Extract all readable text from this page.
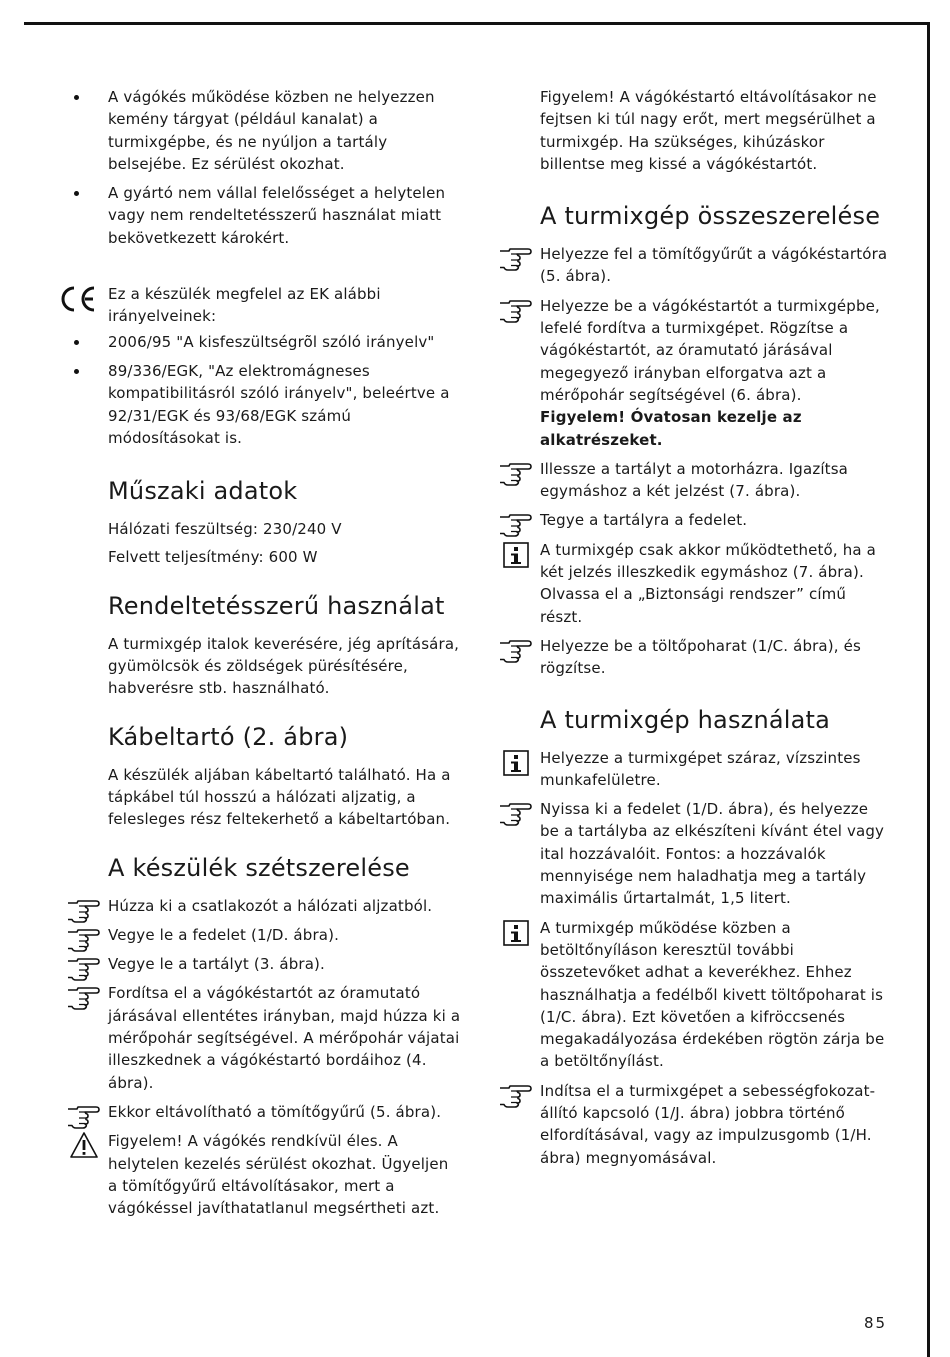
A vágókés működése közben ne helyezzen kemény tárgyat (például kanalat) a turmixgépbe, és ne nyúljon a tartály belsejébe. Ez sérülést okozhat.
A gyártó nem vállal felelősséget a helytelen vagy nem rendeltetésszerű használat miatt bekövetkezett károkért.
Ez a készülék megfelel az EK alábbi irányelveinek:
2006/95 "A kisfeszültségrõl szóló irányelv"
89/336/EGK, "Az elektromágneses kompatibilitásról szóló irányelv", beleértve a 92/31/EGK és 93/68/EGK számú módosításokat is.
Műszaki adatok
Hálózati feszültség: 230/240 V
Felvett teljesítmény: 600 W
Rendeltetésszerű használat
A turmixgép italok keverésére, jég aprítására, gyümölcsök és zöldségek pürésítésére, habverésre stb. használható.
Kábeltartó (2. ábra)
A készülék aljában kábeltartó található. Ha a tápkábel túl hosszú a hálózati aljzatig, a felesleges rész feltekerhető a kábeltartóban.
A készülék szétszerelése
Húzza ki a csatlakozót a hálózati aljzatból.
Vegye le a fedelet (1/D. ábra).
Vegye le a tartályt (3. ábra).
Fordítsa el a vágókéstartót az óramutató járásával ellentétes irányban, majd húzza ki a mérőpohár segítségével. A mérőpohár vájatai illeszkednek a vágókéstartó bordáihoz (4. ábra).
Ekkor eltávolítható a tömítőgyűrű (5. ábra).
Figyelem! A vágókés rendkívül éles. A helytelen kezelés sérülést okozhat. Ügyeljen a tömítőgyűrű eltávolításakor, mert a vágókéssel javíthatatlanul megsértheti azt.
Figyelem! A vágókéstartó eltávolításakor ne fejtsen ki túl nagy erőt, mert megsérülhet a turmixgép. Ha szükséges, kihúzáskor billentse meg kissé a vágókéstartót.
A turmixgép összeszerelése
Helyezze fel a tömítőgyűrűt a vágókéstartóra (5. ábra).
Helyezze be a vágókéstartót a turmixgépbe, lefelé fordítva a turmixgépet. Rögzítse a vágókéstartót, az óramutató járásával megegyező irányban elforgatva azt a mérőpohár segítségével (6. ábra). Figyelem! Óvatosan kezelje az alkatrészeket.
Illessze a tartályt a motorházra. Igazítsa egymáshoz a két jelzést (7. ábra).
Tegye a tartályra a fedelet.
A turmixgép csak akkor működtethető, ha a két jelzés illeszkedik egymáshoz (7. ábra). Olvassa el a „Biztonsági rendszer” című részt.
Helyezze be a töltőpoharat (1/C. ábra), és rögzítse.
A turmixgép használata
Helyezze a turmixgépet száraz, vízszintes munkafelületre.
Nyissa ki a fedelet (1/D. ábra), és helyezze be a tartályba az elkészíteni kívánt étel vagy ital hozzávalóit. Fontos: a hozzávalók mennyisége nem haladhatja meg a tartály maximális űrtartalmát, 1,5 litert.
A turmixgép működése közben a betöltőnyíláson keresztül további összetevőket adhat a keverékhez. Ehhez használhatja a fedélből kivett töltőpoharat is (1/C. ábra). Ezt követően a kifröccsenés megakadályozása érdekében rögtön zárja be a betöltőnyílást.
Indítsa el a turmixgépet a sebességfokozat-állító kapcsoló (1/J. ábra) jobbra történő elfordításával, vagy az impulzusgomb (1/H. ábra) megnyomásával.
85
